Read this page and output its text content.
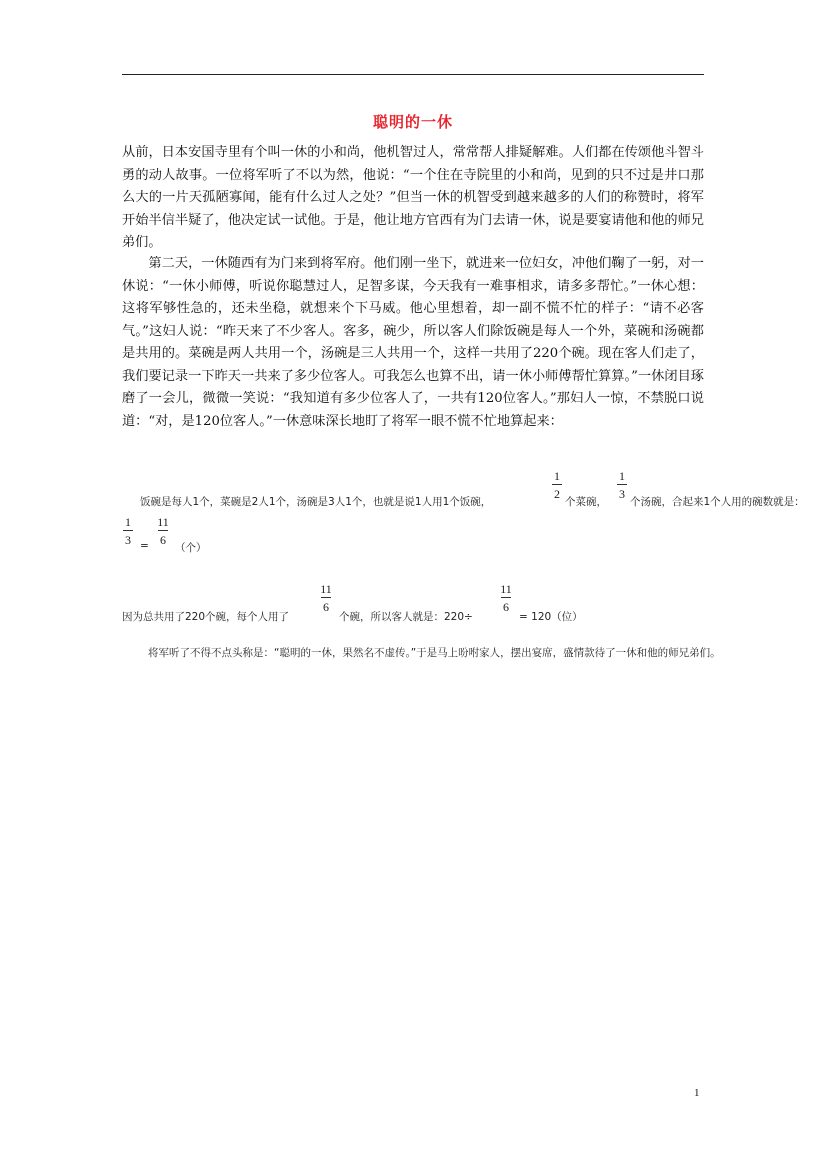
聪明的一休

从前，日本安国寺里有个叫一休的小和尚，他机智过人，常常帮人排疑解难。人们都在传颂他斗智斗勇的动人故事。一位将军听了不以为然，他说：“一个住在寺院里的小和尚，见到的只不过是井口那么大的一片天孤陋寡闻，能有什么过人之处？”但当一休的机智受到越来越多的人们的称赞时，将军开始半信半疑了，他决定试一试他。于是，他让地方官西有为门去请一休，说是要宴请他和他的师兄弟们。

第二天，一休随西有为门来到将军府。他们刚一坐下，就进来一位妇女，冲他们鞠了一躬，对一休说：“一休小师傅，听说你聪慧过人，足智多谋，今天我有一难事相求，请多多帮忙。”一休心想：这将军够性急的，还未坐稳，就想来个下马威。他心里想着，却一副不慌不忙的样子：“请不必客气。”这妇人说：“昨天来了不少客人。客多，碗少，所以客人们除饭碗是每人一个外，菜碗和汤碗都是共用的。菜碗是两人共用一个，汤碗是三人共用一个，这样一共用了220个碗。现在客人们走了，我们要记录一下昨天一共来了多少位客人。可我怎么也算不出，请一休小师傅帮忙算算。”一休闭目琢磨了一会儿，微微一笑说：“我知道有多少位客人了，一共有120位客人。”那妇人一惊，不禁脱口说道：“对，是120位客人。”一休意味深长地盯了将军一眼不慌不忙地算起来：

饭碗是每人1个，菜碗是2人1个，汤碗是3人1个，也就是说1人用1个饭碗，
1
2
个菜碗，
1
3
个汤碗，合起来1个人用的碗数就是：
1
3 =
11
6
（个）
因为总共用了220个碗，每个人用了
11
6
个碗，所以客人就是：220÷
11
6
= 120（位）
将军听了不得不点头称是：“聪明的一休，果然名不虚传。”于是马上吩咐家人，摆出宴席，盛情款待了一休和他的师兄弟们。
1
